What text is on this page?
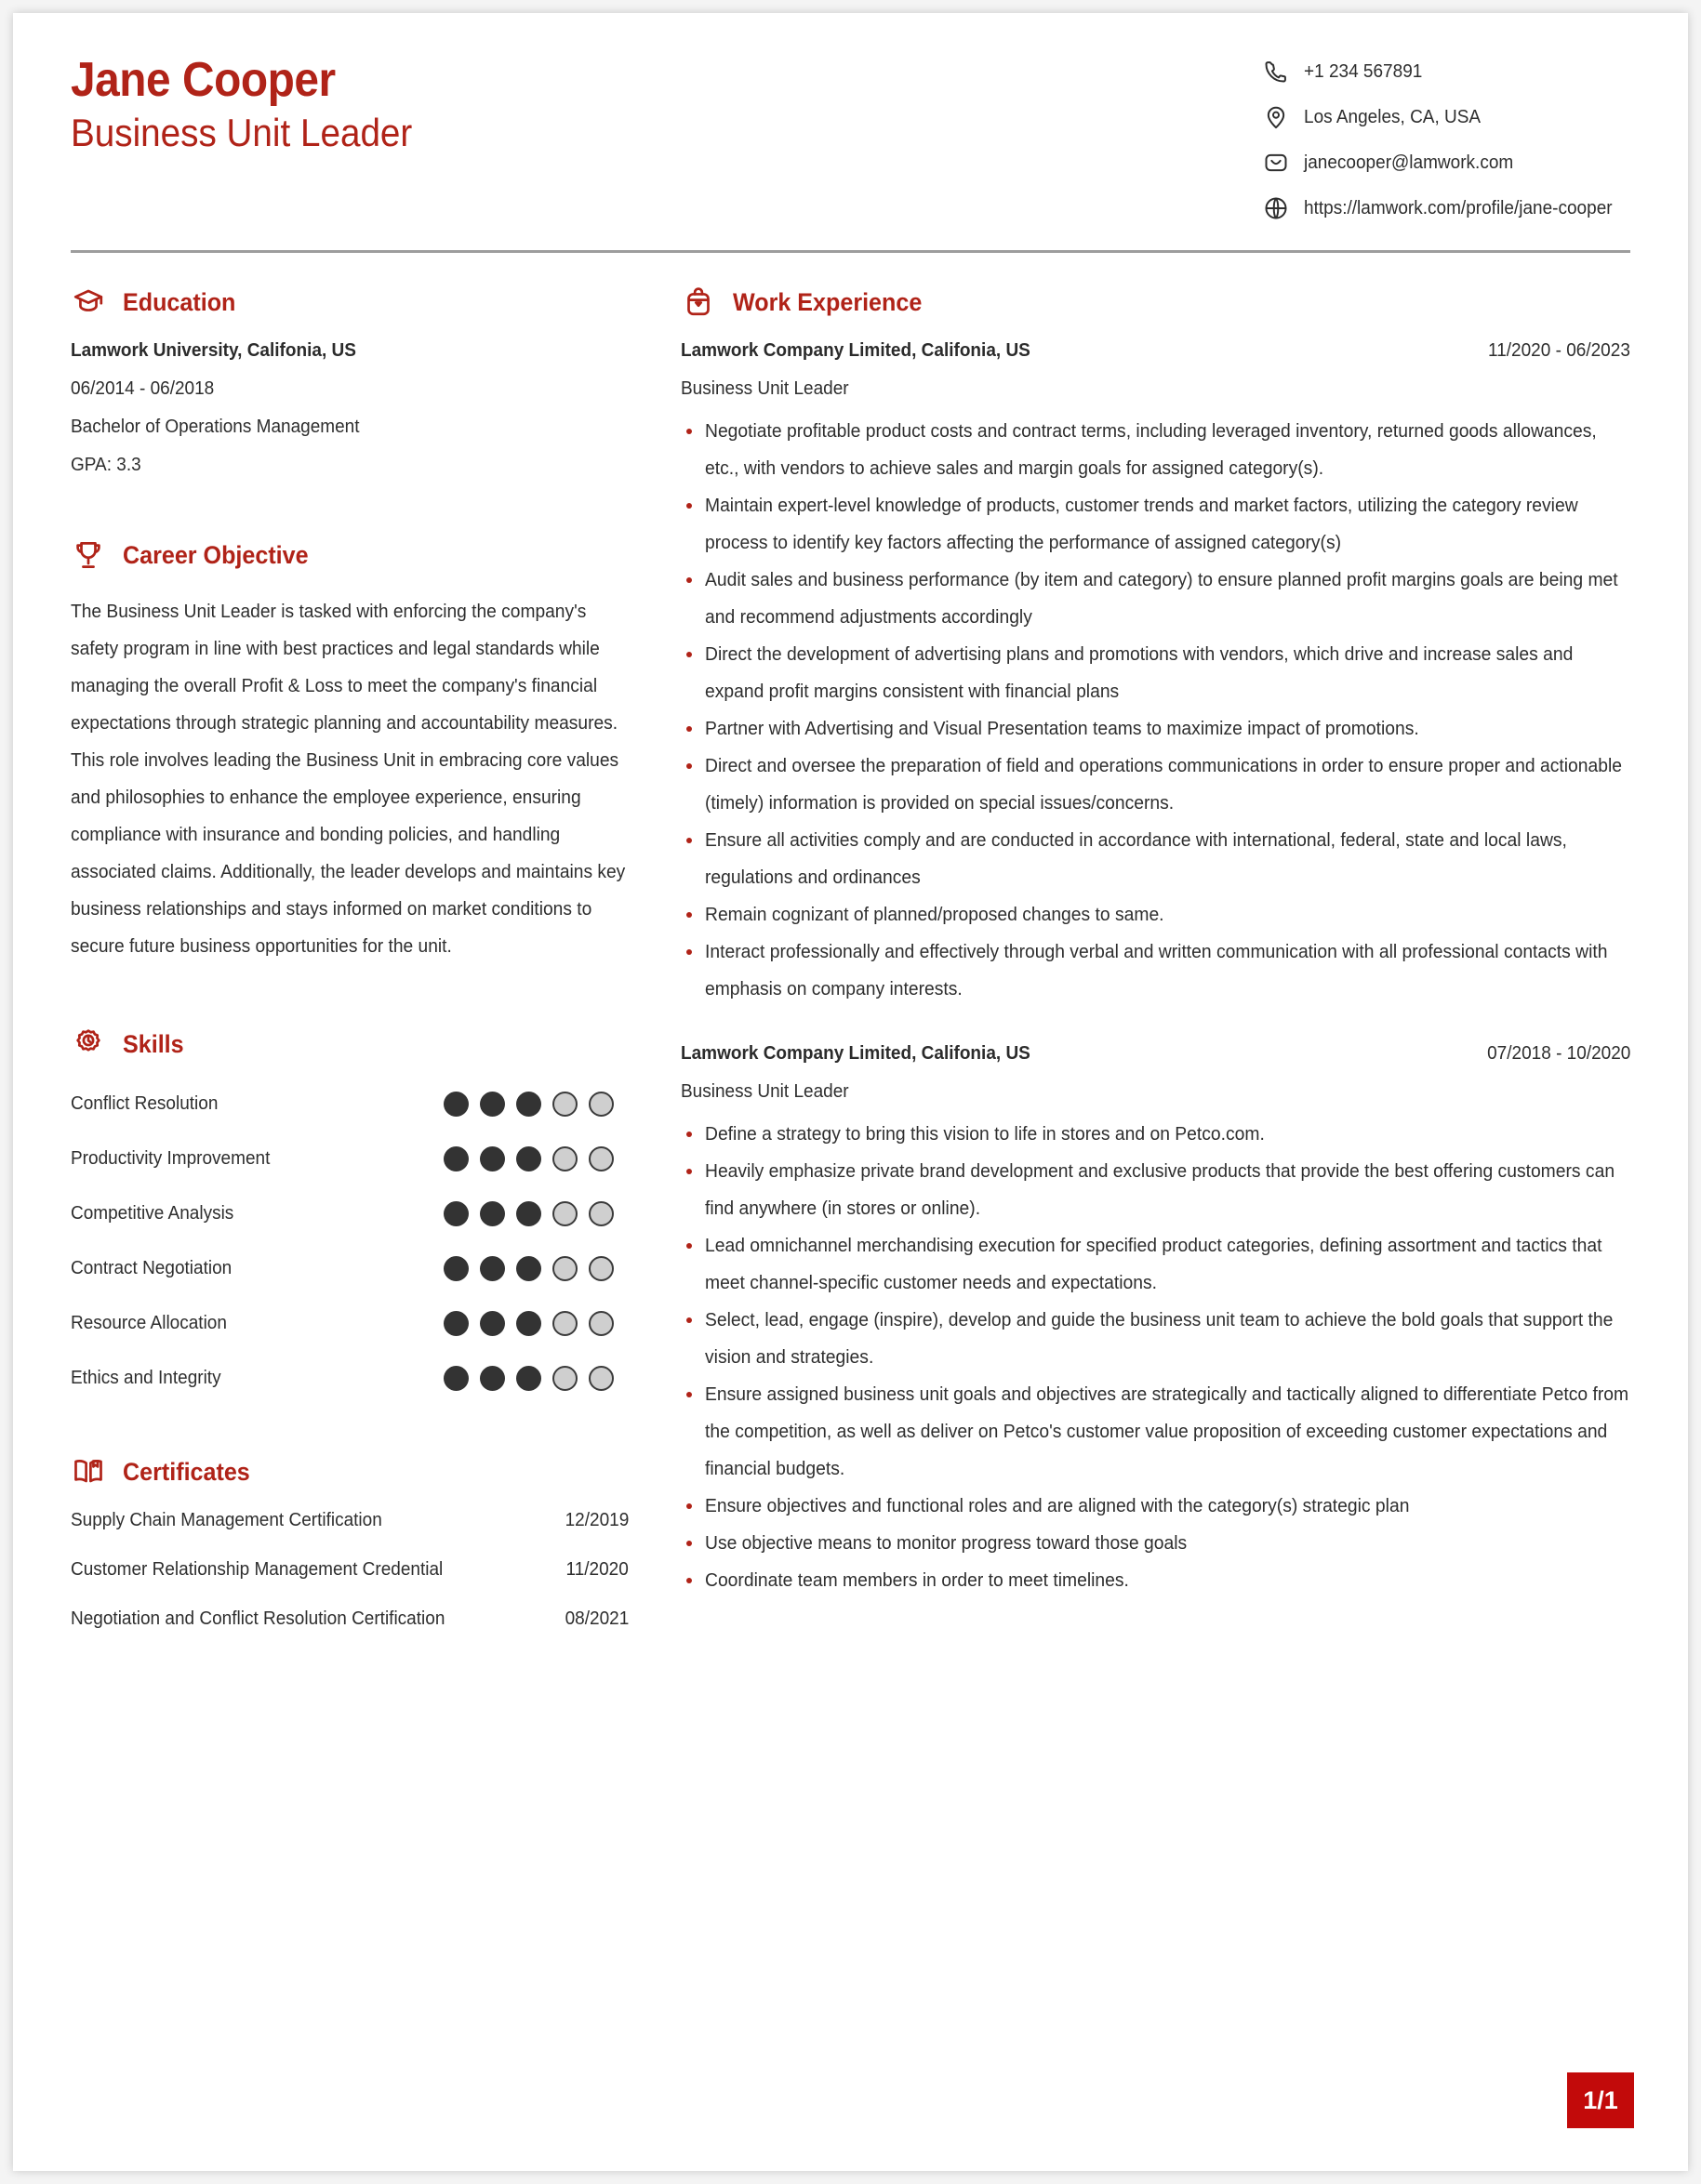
Jane Cooper
Business Unit Leader
+1 234 567891
Los Angeles, CA, USA
janecooper@lamwork.com
https://lamwork.com/profile/jane-cooper
Education
Lamwork University, Califonia, US
06/2014 - 06/2018
Bachelor of Operations Management
GPA: 3.3
Career Objective
The Business Unit Leader is tasked with enforcing the company's safety program in line with best practices and legal standards while managing the overall Profit & Loss to meet the company's financial expectations through strategic planning and accountability measures. This role involves leading the Business Unit in embracing core values and philosophies to enhance the employee experience, ensuring compliance with insurance and bonding policies, and handling associated claims. Additionally, the leader develops and maintains key business relationships and stays informed on market conditions to secure future business opportunities for the unit.
Skills
Conflict Resolution
Productivity Improvement
Competitive Analysis
Contract Negotiation
Resource Allocation
Ethics and Integrity
Certificates
Supply Chain Management Certification	12/2019
Customer Relationship Management Credential	11/2020
Negotiation and Conflict Resolution Certification	08/2021
Work Experience
Lamwork Company Limited, Califonia, US	11/2020 - 06/2023
Business Unit Leader
Negotiate profitable product costs and contract terms, including leveraged inventory, returned goods allowances, etc., with vendors to achieve sales and margin goals for assigned category(s).
Maintain expert-level knowledge of products, customer trends and market factors, utilizing the category review process to identify key factors affecting the performance of assigned category(s)
Audit sales and business performance (by item and category) to ensure planned profit margins goals are being met and recommend adjustments accordingly
Direct the development of advertising plans and promotions with vendors, which drive and increase sales and expand profit margins consistent with financial plans
Partner with Advertising and Visual Presentation teams to maximize impact of promotions.
Direct and oversee the preparation of field and operations communications in order to ensure proper and actionable (timely) information is provided on special issues/concerns.
Ensure all activities comply and are conducted in accordance with international, federal, state and local laws, regulations and ordinances
Remain cognizant of planned/proposed changes to same.
Interact professionally and effectively through verbal and written communication with all professional contacts with emphasis on company interests.
Lamwork Company Limited, Califonia, US	07/2018 - 10/2020
Business Unit Leader
Define a strategy to bring this vision to life in stores and on Petco.com.
Heavily emphasize private brand development and exclusive products that provide the best offering customers can find anywhere (in stores or online).
Lead omnichannel merchandising execution for specified product categories, defining assortment and tactics that meet channel-specific customer needs and expectations.
Select, lead, engage (inspire), develop and guide the business unit team to achieve the bold goals that support the vision and strategies.
Ensure assigned business unit goals and objectives are strategically and tactically aligned to differentiate Petco from the competition, as well as deliver on Petco's customer value proposition of exceeding customer expectations and financial budgets.
Ensure objectives and functional roles and are aligned with the category(s) strategic plan
Use objective means to monitor progress toward those goals
Coordinate team members in order to meet timelines.
1/1
